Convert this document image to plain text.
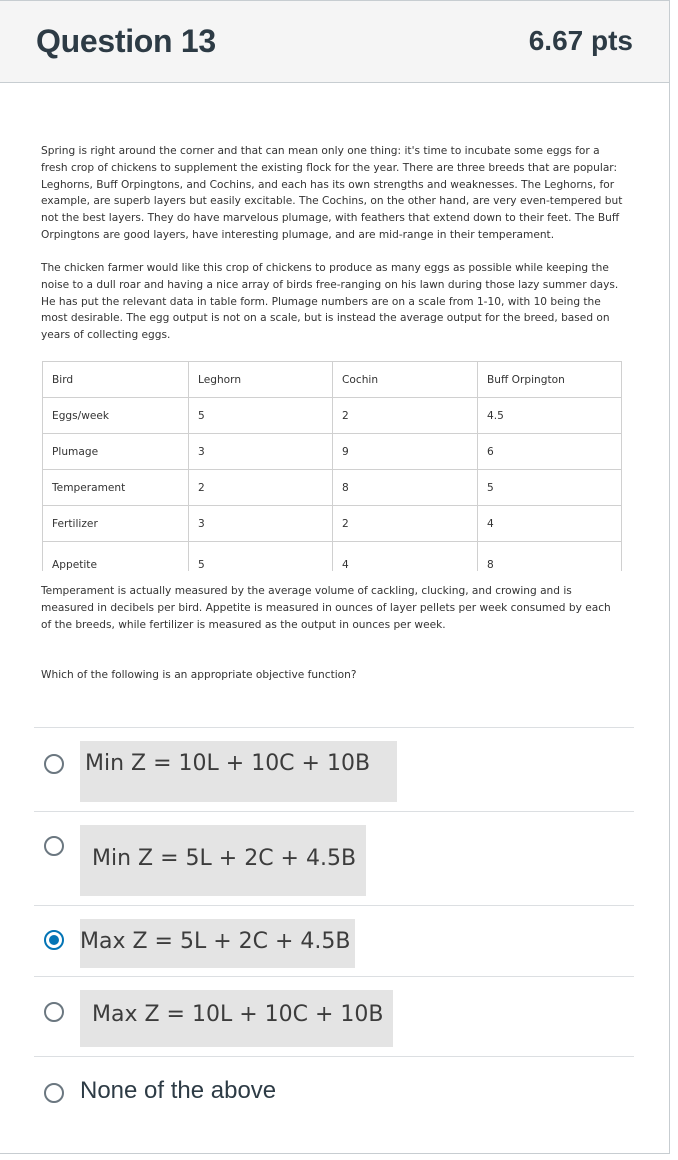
Question 13	6.67 pts
Spring is right around the corner and that can mean only one thing: it's time to incubate some eggs for a fresh crop of chickens to supplement the existing flock for the year. There are three breeds that are popular: Leghorns, Buff Orpingtons, and Cochins, and each has its own strengths and weaknesses. The Leghorns, for example, are superb layers but easily excitable. The Cochins, on the other hand, are very even-tempered but not the best layers. They do have marvelous plumage, with feathers that extend down to their feet. The Buff Orpingtons are good layers, have interesting plumage, and are mid-range in their temperament.
The chicken farmer would like this crop of chickens to produce as many eggs as possible while keeping the noise to a dull roar and having a nice array of birds free-ranging on his lawn during those lazy summer days. He has put the relevant data in table form. Plumage numbers are on a scale from 1-10, with 10 being the most desirable. The egg output is not on a scale, but is instead the average output for the breed, based on years of collecting eggs.
Bird	Leghorn	Cochin	Buff Orpington
Eggs/week	5	2	4.5
Plumage	3	9	6
Temperament	2	8	5
Fertilizer	3	2	4
Appetite	5	4	8
Temperament is actually measured by the average volume of cackling, clucking, and crowing and is measured in decibels per bird. Appetite is measured in ounces of layer pellets per week consumed by each of the breeds, while fertilizer is measured as the output in ounces per week.
Which of the following is an appropriate objective function?
Min Z = 10L + 10C + 10B
Min Z = 5L + 2C + 4.5B
Max Z = 5L + 2C + 4.5B
Max Z = 10L + 10C + 10B
None of the above
